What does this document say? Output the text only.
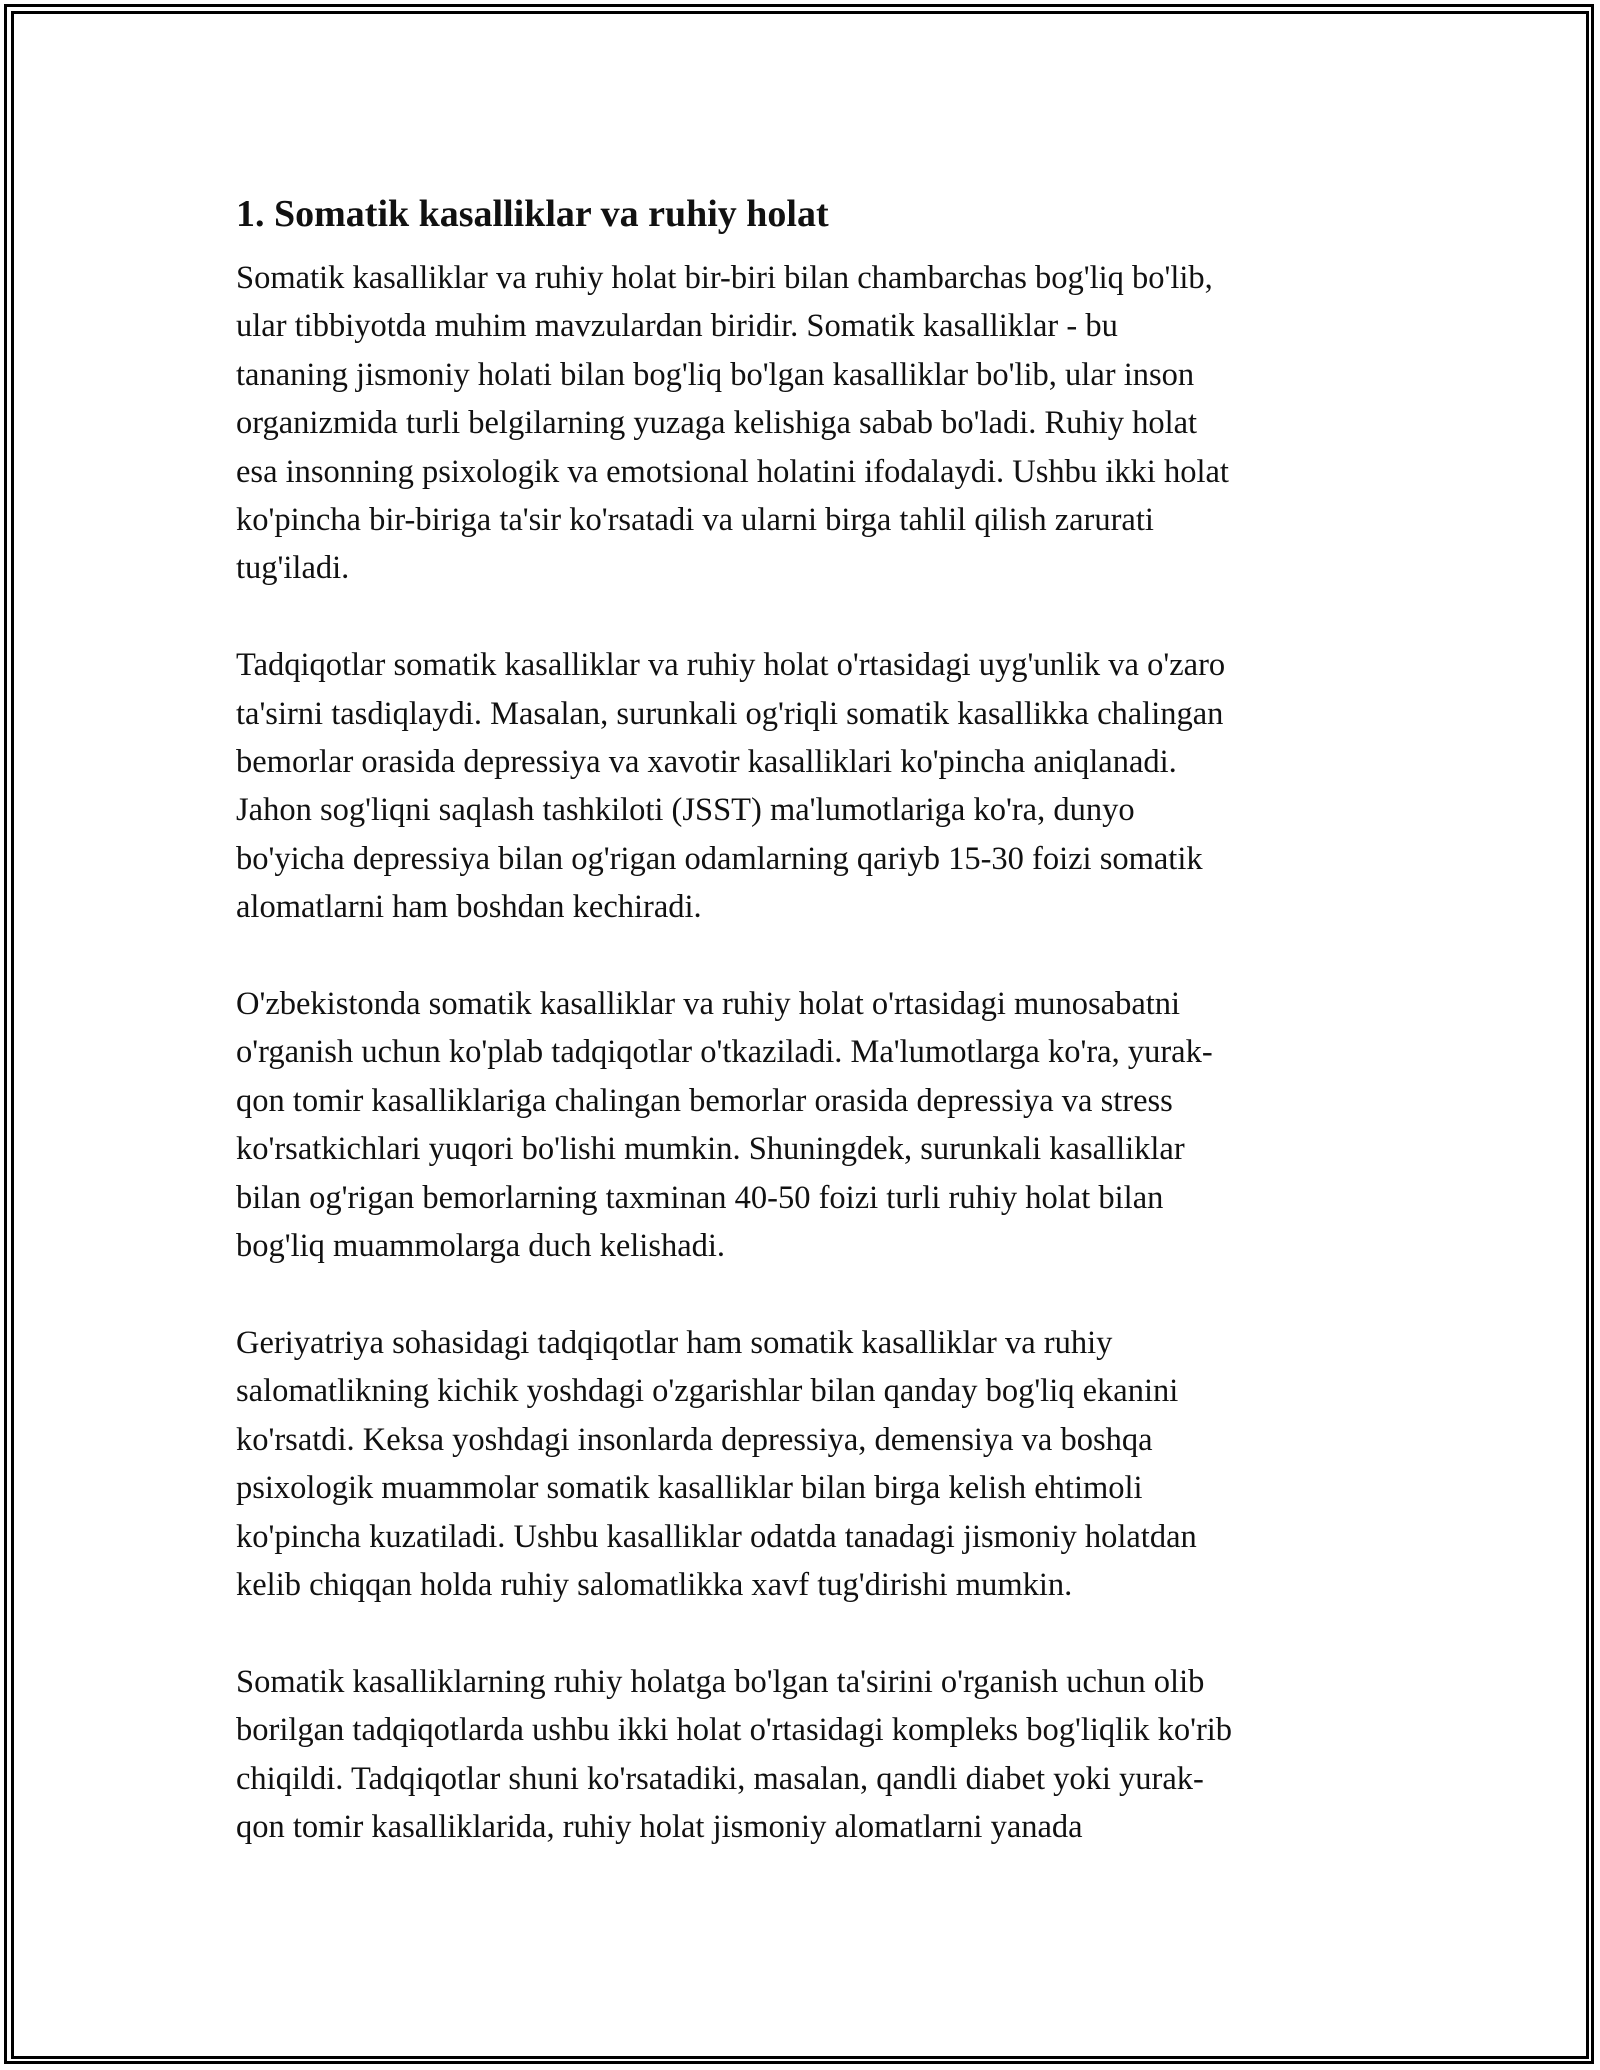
1. Somatik kasalliklar va ruhiy holat

Somatik kasalliklar va ruhiy holat bir-biri bilan chambarchas bog'liq bo'lib,
ular tibbiyotda muhim mavzulardan biridir. Somatik kasalliklar - bu
tananing jismoniy holati bilan bog'liq bo'lgan kasalliklar bo'lib, ular inson
organizmida turli belgilarning yuzaga kelishiga sabab bo'ladi. Ruhiy holat
esa insonning psixologik va emotsional holatini ifodalaydi. Ushbu ikki holat
ko'pincha bir-biriga ta'sir ko'rsatadi va ularni birga tahlil qilish zarurati
tug'iladi.

Tadqiqotlar somatik kasalliklar va ruhiy holat o'rtasidagi uyg'unlik va o'zaro
ta'sirni tasdiqlaydi. Masalan, surunkali og'riqli somatik kasallikka chalingan
bemorlar orasida depressiya va xavotir kasalliklari ko'pincha aniqlanadi.
Jahon sog'liqni saqlash tashkiloti (JSST) ma'lumotlariga ko'ra, dunyo
bo'yicha depressiya bilan og'rigan odamlarning qariyb 15-30 foizi somatik
alomatlarni ham boshdan kechiradi.

O'zbekistonda somatik kasalliklar va ruhiy holat o'rtasidagi munosabatni
o'rganish uchun ko'plab tadqiqotlar o'tkaziladi. Ma'lumotlarga ko'ra, yurak-
qon tomir kasalliklariga chalingan bemorlar orasida depressiya va stress
ko'rsatkichlari yuqori bo'lishi mumkin. Shuningdek, surunkali kasalliklar
bilan og'rigan bemorlarning taxminan 40-50 foizi turli ruhiy holat bilan
bog'liq muammolarga duch kelishadi.

Geriyatriya sohasidagi tadqiqotlar ham somatik kasalliklar va ruhiy
salomatlikning kichik yoshdagi o'zgarishlar bilan qanday bog'liq ekanini
ko'rsatdi. Keksa yoshdagi insonlarda depressiya, demensiya va boshqa
psixologik muammolar somatik kasalliklar bilan birga kelish ehtimoli
ko'pincha kuzatiladi. Ushbu kasalliklar odatda tanadagi jismoniy holatdan
kelib chiqqan holda ruhiy salomatlikka xavf tug'dirishi mumkin.

Somatik kasalliklarning ruhiy holatga bo'lgan ta'sirini o'rganish uchun olib
borilgan tadqiqotlarda ushbu ikki holat o'rtasidagi kompleks bog'liqlik ko'rib
chiqildi. Tadqiqotlar shuni ko'rsatadiki, masalan, qandli diabet yoki yurak-
qon tomir kasalliklarida, ruhiy holat jismoniy alomatlarni yanada
